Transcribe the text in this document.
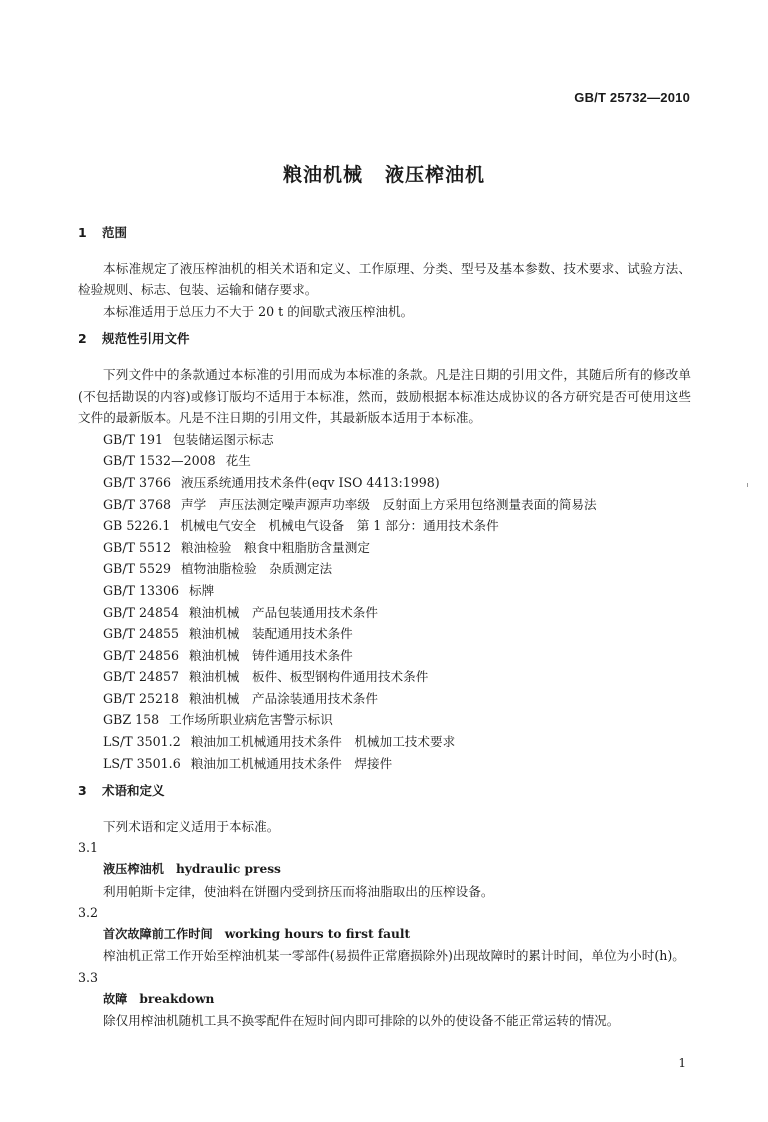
GB/T 25732—2010
粮油机械 液压榨油机
1 范围

本标准规定了液压榨油机的相关术语和定义、工作原理、分类、型号及基本参数、技术要求、试验方法、检验规则、标志、包装、运输和储存要求。

本标准适用于总压力不大于 20 t 的间歇式液压榨油机。

2 规范性引用文件

下列文件中的条款通过本标准的引用而成为本标准的条款。凡是注日期的引用文件，其随后所有的修改单(不包括勘误的内容)或修订版均不适用于本标准，然而，鼓励根据本标准达成协议的各方研究是否可使用这些文件的最新版本。凡是不注日期的引用文件，其最新版本适用于本标准。

GB/T 191 包装储运图示标志
GB/T 1532—2008 花生
GB/T 3766 液压系统通用技术条件(eqv ISO 4413:1998)
GB/T 3768 声学　声压法测定噪声源声功率级　反射面上方采用包络测量表面的简易法
GB 5226.1 机械电气安全　机械电气设备　第 1 部分：通用技术条件
GB/T 5512 粮油检验　粮食中粗脂肪含量测定
GB/T 5529 植物油脂检验　杂质测定法
GB/T 13306 标牌
GB/T 24854 粮油机械　产品包装通用技术条件
GB/T 24855 粮油机械　装配通用技术条件
GB/T 24856 粮油机械　铸件通用技术条件
GB/T 24857 粮油机械　板件、板型钢构件通用技术条件
GB/T 25218 粮油机械　产品涂装通用技术条件
GBZ 158 工作场所职业病危害警示标识
LS/T 3501.2 粮油加工机械通用技术条件　机械加工技术要求
LS/T 3501.6 粮油加工机械通用技术条件　焊接件
3 术语和定义

下列术语和定义适用于本标准。

3.1
液压榨油机 hydraulic press

利用帕斯卡定律，使油料在饼圈内受到挤压而将油脂取出的压榨设备。

3.2
首次故障前工作时间 working hours to first fault

榨油机正常工作开始至榨油机某一零部件(易损件正常磨损除外)出现故障时的累计时间，单位为小时(h)。

3.3
故障 breakdown

除仅用榨油机随机工具不换零配件在短时间内即可排除的以外的使设备不能正常运转的情况。

1
